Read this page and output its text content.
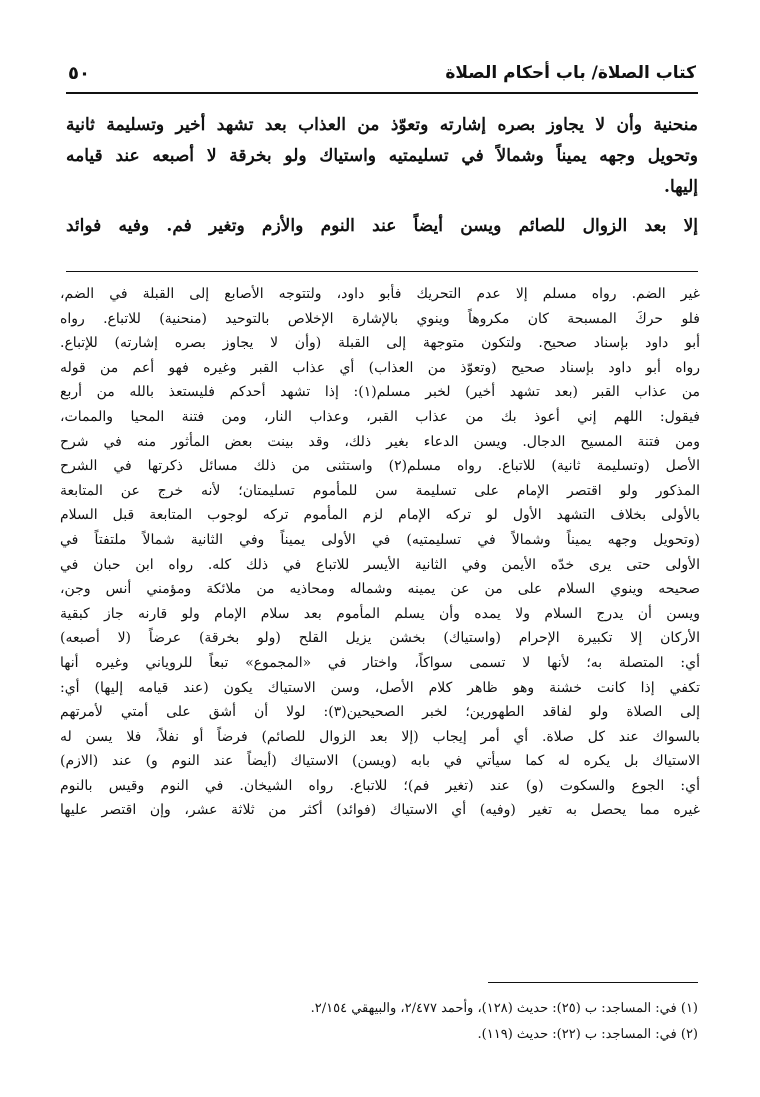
كتاب الصلاة/ باب أحكام الصلاة
٥٠
منحنية وأن لا يجاوز بصره إشارته وتعوّذ من العذاب بعد تشهد أخير وتسليمة ثانية
وتحويل وجهه يميناً وشمالاً في تسليمتيه واستياك ولو بخرقة لا أصبعه عند قيامه
إليها.
إلا بعد الزوال للصائم ويسن أيضاً عند النوم والأزم وتغير فم. وفيه فوائد
غير الضم. رواه مسلم إلا عدم التحريك فأبو داود، ولتتوجه الأصابع إلى القبلة في الضم،
فلو حركَ المسبحة كان مكروهاً وينوي بالإشارة الإخلاص بالتوحيد (منحنية) للاتباع. رواه
أبو داود بإسناد صحيح. ولتكون متوجهة إلى القبلة (وأن لا يجاوز بصره إشارته) للإتباع.
رواه أبو داود بإسناد صحيح (وتعوّذ من العذاب) أي عذاب القبر وغيره فهو أعم من قوله
من عذاب القبر (بعد تشهد أخير) لخبر مسلم(١): إذا تشهد أحدكم فليستعذ بالله من أربع
فيقول: اللهم إني أعوذ بك من عذاب القبر، وعذاب النار، ومن فتنة المحيا والممات،
ومن فتنة المسيح الدجال. ويسن الدعاء بغير ذلك، وقد بينت بعض المأثور منه في شرح
الأصل (وتسليمة ثانية) للاتباع. رواه مسلم(٢) واستثنى من ذلك مسائل ذكرتها في الشرح
المذكور ولو اقتصر الإمام على تسليمة سن للمأموم تسليمتان؛ لأنه خرج عن المتابعة
بالأولى بخلاف التشهد الأول لو تركه الإمام لزم المأموم تركه لوجوب المتابعة قبل السلام
(وتحويل وجهه يميناً وشمالاً في تسليمتيه) في الأولى يميناً وفي الثانية شمالاً ملتفتاً في
الأولى حتى يرى خدّه الأيمن وفي الثانية الأيسر للاتباع في ذلك كله. رواه ابن حبان في
صحيحه وينوي السلام على من عن يمينه وشماله ومحاذيه من ملائكة ومؤمني أنس وجن،
ويسن أن يدرج السلام ولا يمده وأن يسلم المأموم بعد سلام الإمام ولو قارنه جاز كبقية
الأركان إلا تكبيرة الإحرام (واستياك) بخشن يزيل القلح (ولو بخرقة) عرضاً (لا أصبعه)
أي: المتصلة به؛ لأنها لا تسمى سواكاً، واختار في «المجموع» تبعاً للروياني وغيره أنها
تكفي إذا كانت خشنة وهو ظاهر كلام الأصل، وسن الاستياك يكون (عند قيامه إليها) أي:
إلى الصلاة ولو لفاقد الطهورين؛ لخبر الصحيحين(٣): لولا أن أشق على أمتي لأمرتهم
بالسواك عند كل صلاة. أي أمر إيجاب (إلا بعد الزوال للصائم) فرضاً أو نفلاً، فلا يسن له
الاستياك بل يكره له كما سيأتي في بابه (ويسن) الاستياك (أيضاً عند النوم و) عند (الازم)
أي: الجوع والسكوت (و) عند (تغير فم)؛ للاتباع. رواه الشيخان. في النوم وقيس بالنوم
غيره مما يحصل به تغير (وفيه) أي الاستياك (فوائد) أكثر من ثلاثة عشر، وإن اقتصر عليها
(١) في: المساجد: ب (٢٥): حديث (١٢٨)، وأحمد ٢/٤٧٧، والبيهقي ٢/١٥٤.
(٢) في: المساجد: ب (٢٢): حديث (١١٩).
